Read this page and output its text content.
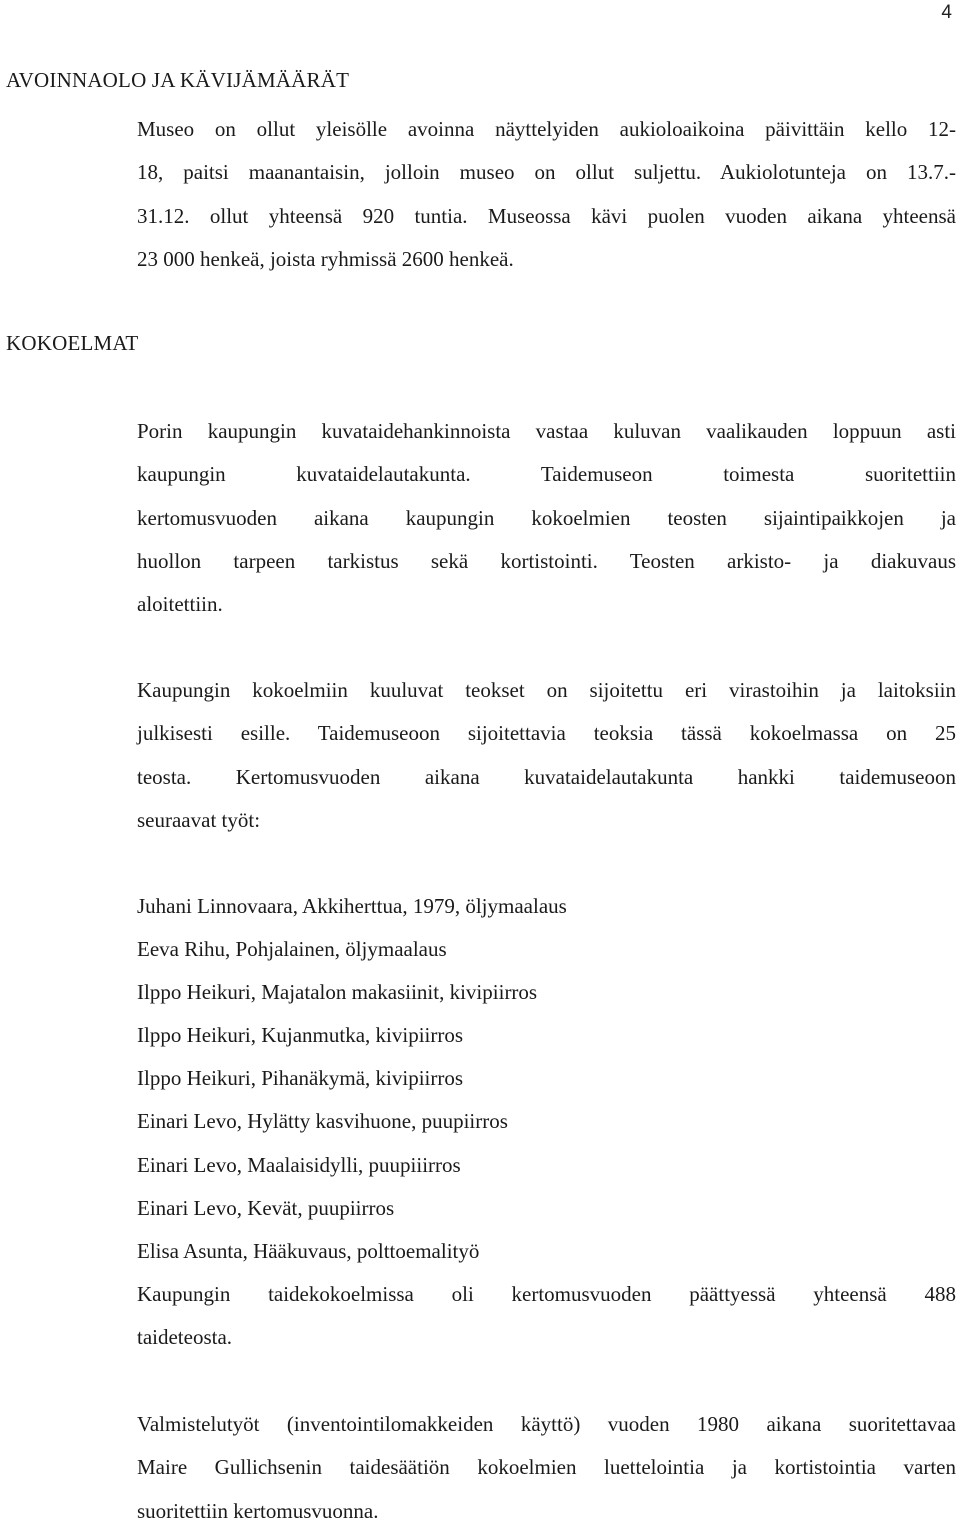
4
AVOINNAOLO JA KÄVIJÄMÄÄRÄT
Museo on ollut yleisölle avoinna näyttelyiden aukioloaikoina päivittäin kello 12-
18, paitsi maanantaisin, jolloin museo on ollut suljettu. Aukiolotunteja on 13.7.-
31.12. ollut yhteensä 920 tuntia. Museossa kävi puolen vuoden aikana yhteensä
23 000 henkeä, joista ryhmissä 2600 henkeä.
KOKOELMAT
Porin kaupungin kuvataidehankinnoista vastaa kuluvan vaalikauden loppuun asti
kaupungin kuvataidelautakunta. Taidemuseon toimesta suoritettiin
kertomusvuoden aikana kaupungin kokoelmien teosten sijaintipaikkojen ja
huollon tarpeen tarkistus sekä kortistointi. Teosten arkisto- ja diakuvaus
aloitettiin.
Kaupungin kokoelmiin kuuluvat teokset on sijoitettu eri virastoihin ja laitoksiin
julkisesti esille. Taidemuseoon sijoitettavia teoksia tässä kokoelmassa on 25
teosta. Kertomusvuoden aikana kuvataidelautakunta hankki taidemuseoon
seuraavat työt:
Juhani Linnovaara, Akkiherttua, 1979, öljymaalaus
Eeva Rihu, Pohjalainen, öljymaalaus
Ilppo Heikuri, Majatalon makasiinit, kivipiirros
Ilppo Heikuri, Kujanmutka, kivipiirros
Ilppo Heikuri, Pihanäkymä, kivipiirros
Einari Levo, Hylätty kasvihuone, puupiirros
Einari Levo, Maalaisidylli, puupiiirros
Einari Levo, Kevät, puupiirros
Elisa Asunta, Hääkuvaus, polttoemalityö
Kaupungin taidekokoelmissa oli kertomusvuoden päättyessä yhteensä 488
taideteosta.
Valmistelutyöt (inventointilomakkeiden käyttö) vuoden 1980 aikana suoritettavaa
Maire Gullichsenin taidesäätiön kokoelmien luettelointia ja kortistointia varten
suoritettiin kertomusvuonna.
